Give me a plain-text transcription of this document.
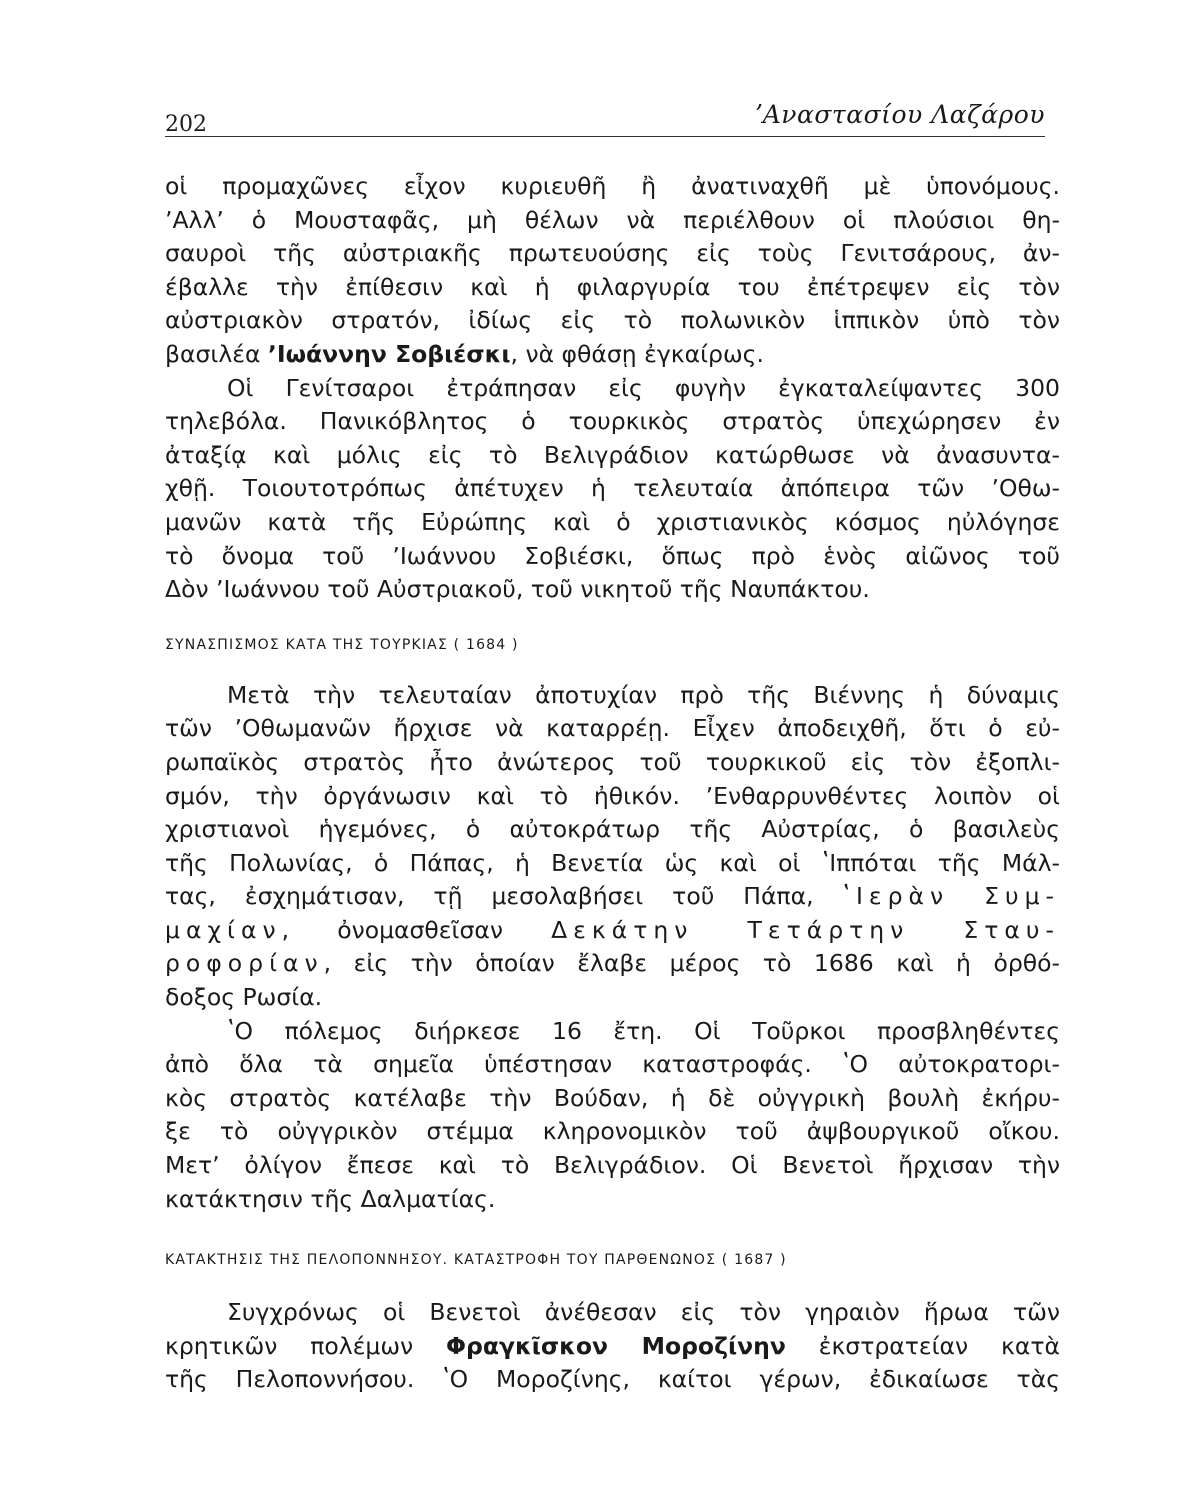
202	ʼΑναστασίου Λαζάρου

οἱ προμαχῶνες εἶχον κυριευθῆ ἢ ἀνατιναχθῆ μὲ ὑπονόμους.
ʼΑλλʼ ὁ Μουσταφᾶς, μὴ θέλων νὰ περιέλθουν οἱ πλούσιοι θη-
σαυροὶ τῆς αὐστριακῆς πρωτευούσης εἰς τοὺς Γενιτσάρους, ἀν-
έβαλλε τὴν ἐπίθεσιν καὶ ἡ φιλαργυρία του ἐπέτρεψεν εἰς τὸν
αὐστριακὸν στρατόν, ἰδίως εἰς τὸ πολωνικὸν ἱππικὸν ὑπὸ τὸν
βασιλέα ʼΙωάννην Σοβιέσκι, νὰ φθάσῃ ἐγκαίρως.

Οἱ Γενίτσαροι ἐτράπησαν εἰς φυγὴν ἐγκαταλείψαντες 300
τηλεβόλα. Πανικόβλητος ὁ τουρκικὸς στρατὸς ὑπεχώρησεν ἐν
ἀταξίᾳ καὶ μόλις εἰς τὸ Βελιγράδιον κατώρθωσε νὰ ἀνασυντα-
χθῇ. Τοιουτοτρόπως ἀπέτυχεν ἡ τελευταία ἀπόπειρα τῶν ʼΟθω-
μανῶν κατὰ τῆς Εὐρώπης καὶ ὁ χριστιανικὸς κόσμος ηὐλόγησε
τὸ ὄνομα τοῦ ʼΙωάννου Σοβιέσκι, ὅπως πρὸ ἑνὸς αἰῶνος τοῦ
Δὸν ʼΙωάννου τοῦ Αὐστριακοῦ, τοῦ νικητοῦ τῆς Ναυπάκτου.

ΣΥΝΑΣΠΙΣΜΟΣ ΚΑΤΑ ΤΗΣ ΤΟΥΡΚΙΑΣ ( 1684 )

Μετὰ τὴν τελευταίαν ἀποτυχίαν πρὸ τῆς Βιέννης ἡ δύναμις
τῶν ʼΟθωμανῶν ἤρχισε νὰ καταρρέῃ. Εἶχεν ἀποδειχθῆ, ὅτι ὁ εὐ-
ρωπαϊκὸς στρατὸς ἦτο ἀνώτερος τοῦ τουρκικοῦ εἰς τὸν ἐξοπλι-
σμόν, τὴν ὀργάνωσιν καὶ τὸ ἠθικόν. ʼΕνθαρρυνθέντες λοιπὸν οἱ
χριστιανοὶ ἡγεμόνες, ὁ αὐτοκράτωρ τῆς Αὐστρίας, ὁ βασιλεὺς
τῆς Πολωνίας, ὁ Πάπας, ἡ Βενετία ὡς καὶ οἱ ʽΙππόται τῆς Μάλ-
τας, ἐσχημάτισαν, τῇ μεσολαβήσει τοῦ Πάπα, ʽΙερὰν Συμ-
μαχίαν, ὀνομασθεῖσαν Δεκάτην Τετάρτην Σταυ-
ροφορίαν, εἰς τὴν ὁποίαν ἔλαβε μέρος τὸ 1686 καὶ ἡ ὀρθό-
δοξος Ρωσία.

ʽΟ πόλεμος διήρκεσε 16 ἔτη. Οἱ Τοῦρκοι προσβληθέντες
ἀπὸ ὅλα τὰ σημεῖα ὑπέστησαν καταστροφάς. ʽΟ αὐτοκρατορι-
κὸς στρατὸς κατέλαβε τὴν Βούδαν, ἡ δὲ οὐγγρικὴ βουλὴ ἐκήρυ-
ξε τὸ οὐγγρικὸν στέμμα κληρονομικὸν τοῦ ἀψβουργικοῦ οἴκου.
Μετʼ ὀλίγον ἔπεσε καὶ τὸ Βελιγράδιον. Οἱ Βενετοὶ ἤρχισαν τὴν
κατάκτησιν τῆς Δαλματίας.

ΚΑΤΑΚΤΗΣΙΣ ΤΗΣ ΠΕΛΟΠΟΝΝΗΣΟΥ. ΚΑΤΑΣΤΡΟΦΗ ΤΟΥ ΠΑΡΘΕΝΩΝΟΣ ( 1687 )

Συγχρόνως οἱ Βενετοὶ ἀνέθεσαν εἰς τὸν γηραιὸν ἥρωα τῶν
κρητικῶν πολέμων Φραγκῖσκον Μοροζίνην ἐκστρατείαν κατὰ
τῆς Πελοποννήσου. ʽΟ Μοροζίνης, καίτοι γέρων, ἐδικαίωσε τὰς
